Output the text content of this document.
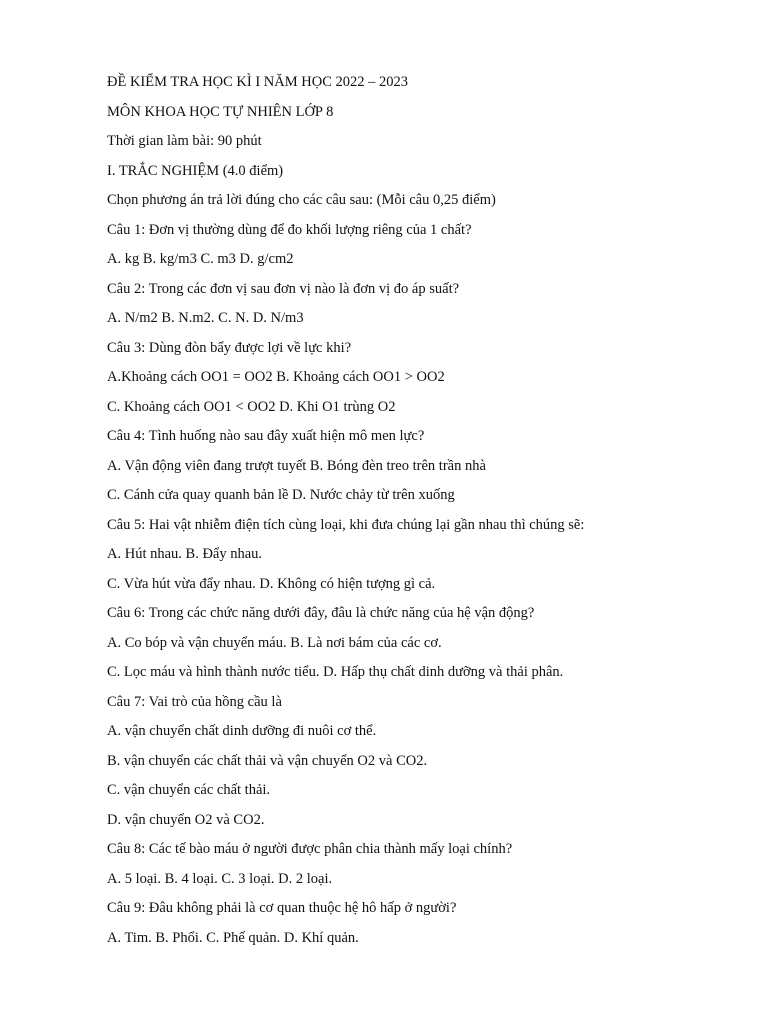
ĐỀ KIỂM TRA HỌC KÌ I NĂM HỌC 2022 – 2023
MÔN KHOA HỌC TỰ NHIÊN LỚP 8
Thời gian làm bài: 90 phút
I. TRẮC NGHIỆM (4.0 điểm)
Chọn phương án trả lời đúng cho các câu sau: (Mỗi câu 0,25 điểm)
Câu 1: Đơn vị thường dùng để đo khối lượng riêng của 1 chất?
A. kg B. kg/m3 C. m3 D. g/cm2
Câu 2: Trong các đơn vị sau đơn vị nào là đơn vị đo áp suất?
A. N/m2 B. N.m2. C. N. D. N/m3
Câu 3: Dùng đòn bẩy được lợi về lực khi?
A.Khoảng cách OO1 = OO2 B. Khoảng cách OO1 > OO2
C. Khoảng cách OO1 < OO2 D. Khi O1 trùng O2
Câu 4: Tình huống nào sau đây xuất hiện mô men lực?
A. Vận động viên đang trượt tuyết B. Bóng đèn treo trên trần nhà
C. Cánh cửa quay quanh bản lề D. Nước chảy từ trên xuống
Câu 5: Hai vật nhiễm điện tích cùng loại, khi đưa chúng lại gần nhau thì chúng sẽ:
A. Hút nhau. B. Đẩy nhau.
C. Vừa hút vừa đẩy nhau. D. Không có hiện tượng gì cả.
Câu 6: Trong các chức năng dưới đây, đâu là chức năng của hệ vận động?
A. Co bóp và vận chuyển máu. B. Là nơi bám của các cơ.
C. Lọc máu và hình thành nước tiểu. D. Hấp thụ chất dinh dưỡng và thải phân.
Câu 7: Vai trò của hồng cầu là
A. vận chuyển chất dinh dưỡng đi nuôi cơ thể.
B. vận chuyển các chất thải và vận chuyển O2 và CO2.
C. vận chuyển các chất thải.
D. vận chuyển O2 và CO2.
Câu 8: Các tế bào máu ở người được phân chia thành mấy loại chính?
A. 5 loại. B. 4 loại. C. 3 loại. D. 2 loại.
Câu 9: Đâu không phải là cơ quan thuộc hệ hô hấp ở người?
A. Tim. B. Phổi. C. Phế quản. D. Khí quản.
